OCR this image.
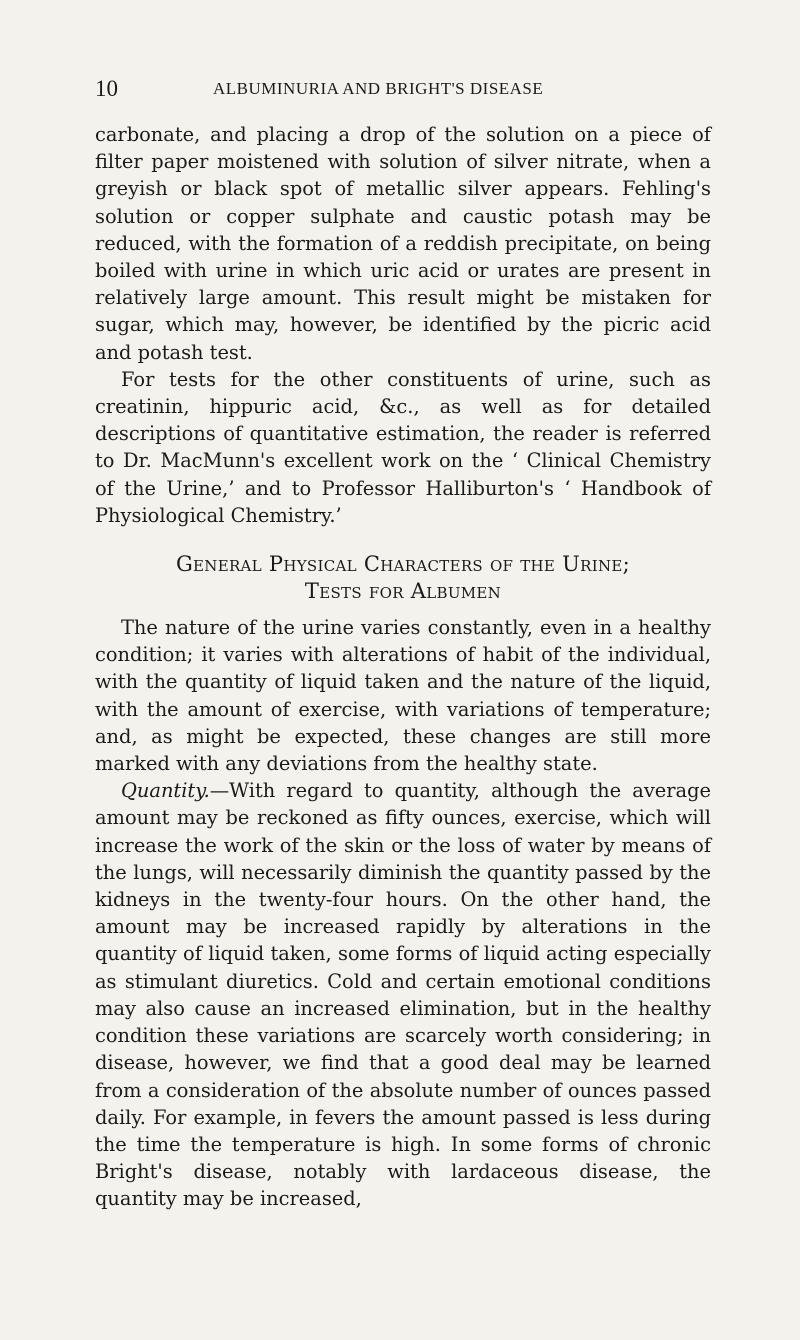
10	ALBUMINURIA AND BRIGHT'S DISEASE

carbonate, and placing a drop of the solution on a piece of filter paper moistened with solution of silver nitrate, when a greyish or black spot of metallic silver appears. Fehling's solution or copper sulphate and caustic potash may be reduced, with the formation of a reddish precipitate, on being boiled with urine in which uric acid or urates are present in relatively large amount. This result might be mistaken for sugar, which may, however, be identified by the picric acid and potash test.

For tests for the other constituents of urine, such as creatinin, hippuric acid, &c., as well as for detailed descriptions of quantitative estimation, the reader is referred to Dr. MacMunn's excellent work on the ‘ Clinical Chemistry of the Urine,’ and to Professor Halliburton's ‘ Handbook of Physiological Chemistry.’

General Physical Characters of the Urine;
Tests for Albumen

The nature of the urine varies constantly, even in a healthy condition; it varies with alterations of habit of the individual, with the quantity of liquid taken and the nature of the liquid, with the amount of exercise, with variations of temperature; and, as might be expected, these changes are still more marked with any deviations from the healthy state.

Quantity.—With regard to quantity, although the average amount may be reckoned as fifty ounces, exercise, which will increase the work of the skin or the loss of water by means of the lungs, will necessarily diminish the quantity passed by the kidneys in the twenty-four hours. On the other hand, the amount may be increased rapidly by alterations in the quantity of liquid taken, some forms of liquid acting especially as stimulant diuretics. Cold and certain emotional conditions may also cause an increased elimination, but in the healthy condition these variations are scarcely worth considering; in disease, however, we find that a good deal may be learned from a consideration of the absolute number of ounces passed daily. For example, in fevers the amount passed is less during the time the temperature is high. In some forms of chronic Bright's disease, notably with lardaceous disease, the quantity may be increased,
